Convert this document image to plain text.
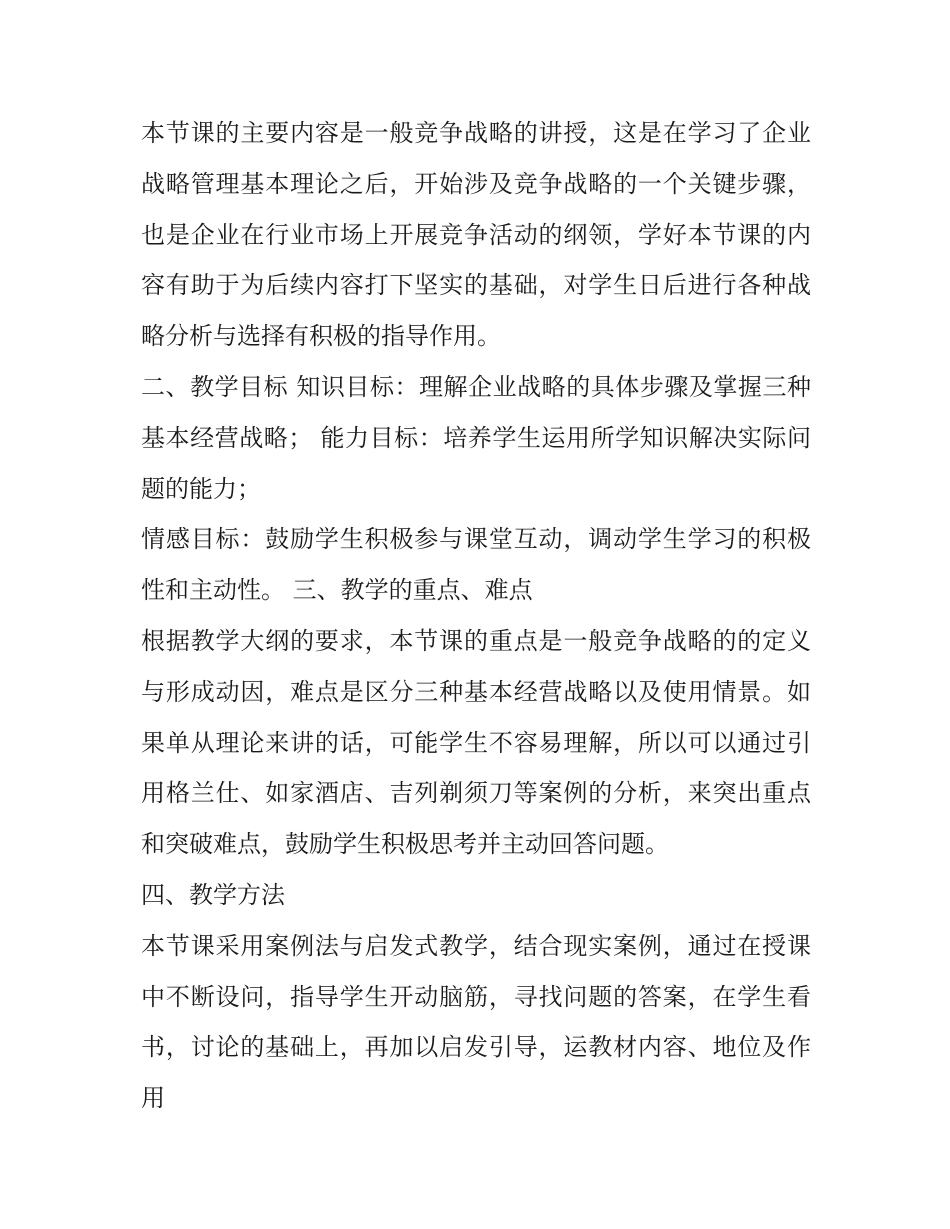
本节课的主要内容是一般竞争战略的讲授，这是在学习了企业战略管理基本理论之后，开始涉及竞争战略的一个关键步骤，也是企业在行业市场上开展竞争活动的纲领，学好本节课的内容有助于为后续内容打下坚实的基础，对学生日后进行各种战略分析与选择有积极的指导作用。

二、教学目标 知识目标：理解企业战略的具体步骤及掌握三种基本经营战略； 能力目标：培养学生运用所学知识解决实际问题的能力；

情感目标：鼓励学生积极参与课堂互动，调动学生学习的积极性和主动性。 三、教学的重点、难点

根据教学大纲的要求，本节课的重点是一般竞争战略的的定义与形成动因，难点是区分三种基本经营战略以及使用情景。如果单从理论来讲的话，可能学生不容易理解，所以可以通过引用格兰仕、如家酒店、吉列剃须刀等案例的分析，来突出重点和突破难点，鼓励学生积极思考并主动回答问题。

四、教学方法

本节课采用案例法与启发式教学，结合现实案例，通过在授课中不断设问，指导学生开动脑筋，寻找问题的答案，在学生看书，讨论的基础上，再加以启发引导，运教材内容、地位及作用
